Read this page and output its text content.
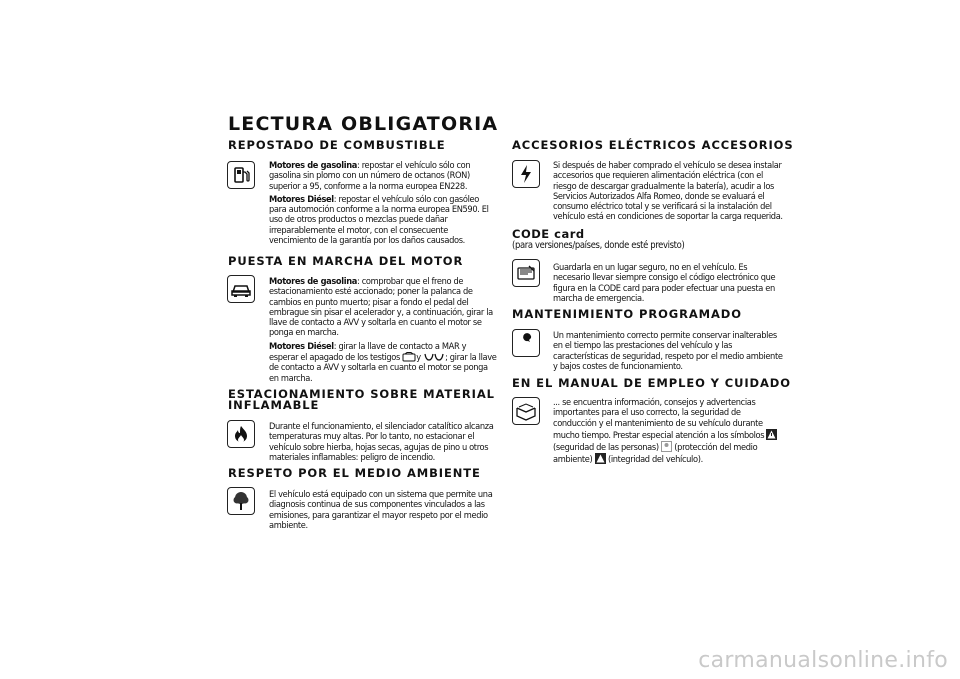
LECTURA OBLIGATORIA
REPOSTADO DE COMBUSTIBLE

Motores de gasolina: repostar el vehículo sólo con gasolina sin plomo con un número de octanos (RON) superior a 95, conforme a la norma europea EN228.

Motores Diésel: repostar el vehículo sólo con gasóleo para automoción conforme a la norma europea EN590. El uso de otros productos o mezclas puede dañar irreparablemente el motor, con el consecuente vencimiento de la garantía por los daños causados.

PUESTA EN MARCHA DEL MOTOR

Motores de gasolina: comprobar que el freno de estacionamiento esté accionado; poner la palanca de cambios en punto muerto; pisar a fondo el pedal del embrague sin pisar el acelerador y, a continuación, girar la llave de contacto a AVV y soltarla en cuanto el motor se ponga en marcha.

Motores Diésel: girar la llave de contacto a MAR y esperar el apagado de los testigos y	; girar la llave de contacto a AVV y soltarla en cuanto el motor se ponga en marcha.

ESTACIONAMIENTO SOBRE MATERIAL INFLAMABLE
Durante el funcionamiento, el silenciador catalítico alcanza temperaturas muy altas. Por lo tanto, no estacionar el vehículo sobre hierba, hojas secas, agujas de pino u otros materiales inflamables: peligro de incendio.
RESPETO POR EL MEDIO AMBIENTE
El vehículo está equipado con un sistema que permite una diagnosis continua de sus componentes vinculados a las emisiones, para garantizar el mayor respeto por el medio ambiente.
ACCESORIOS ELÉCTRICOS ACCESORIOS
Si después de haber comprado el vehículo se desea instalar accesorios que requieren alimentación eléctrica (con el riesgo de descargar gradualmente la batería), acudir a los Servicios Autorizados Alfa Romeo, donde se evaluará el consumo eléctrico total y se verificará si la instalación del vehículo está en condiciones de soportar la carga requerida.
CODE card
(para versiones/países, donde esté previsto)
Guardarla en un lugar seguro, no en el vehículo. Es necesario llevar siempre consigo el código electrónico que figura en la CODE card para poder efectuar una puesta en marcha de emergencia.
MANTENIMIENTO PROGRAMADO
Un mantenimiento correcto permite conservar inalterables en el tiempo las prestaciones del vehículo y las características de seguridad, respeto por el medio ambiente y bajos costes de funcionamiento.
EN EL MANUAL DE EMPLEO Y CUIDADO
... se encuentra información, consejos y advertencias importantes para el uso correcto, la seguridad de conducción y el mantenimiento de su vehículo durante mucho tiempo. Prestar especial atención a los símbolos  (seguridad de las personas) (protección del medio ambiente) (integridad del vehículo).
carmanualsonline.info
